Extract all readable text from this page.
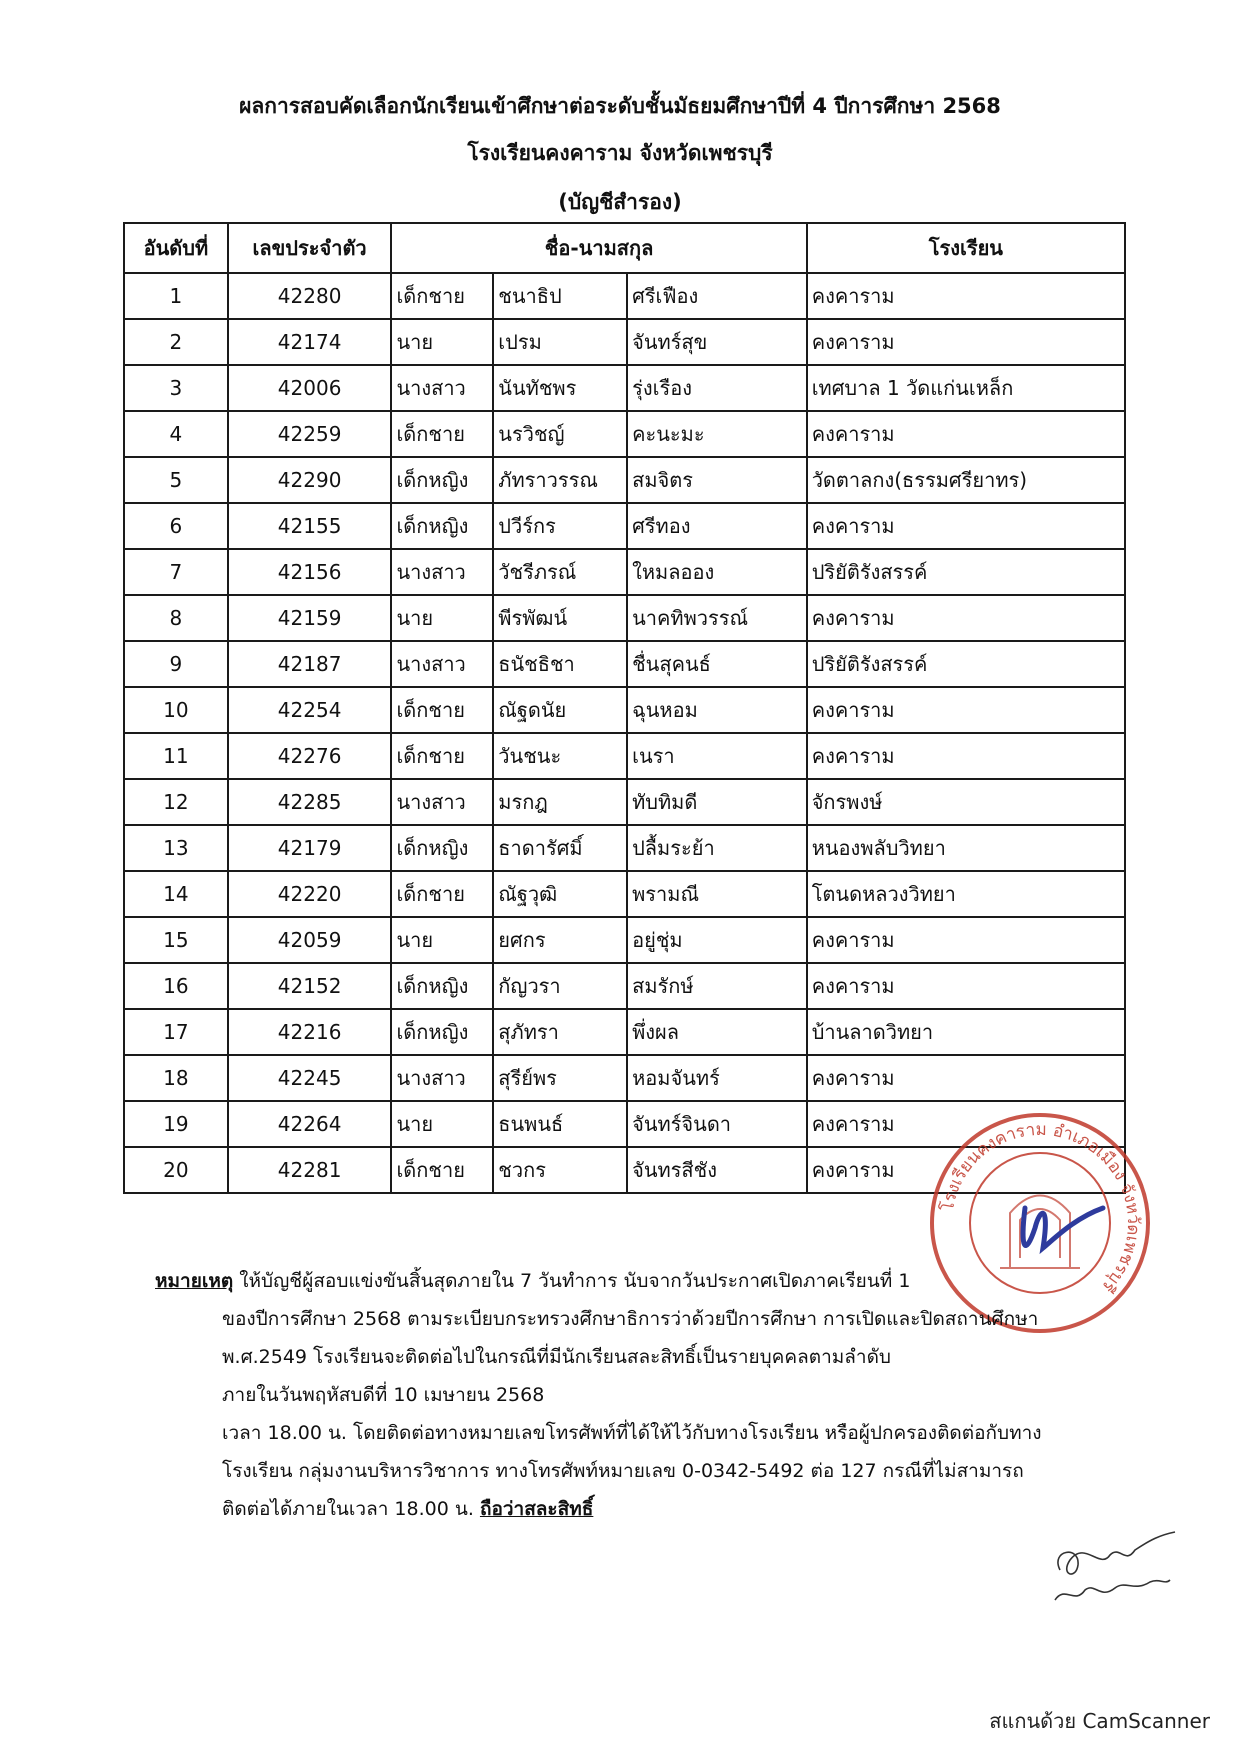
ผลการสอบคัดเลือกนักเรียนเข้าศึกษาต่อระดับชั้นมัธยมศึกษาปีที่ 4 ปีการศึกษา 2568
โรงเรียนคงคาราม จังหวัดเพชรบุรี
(บัญชีสำรอง)
อันดับที่	เลขประจำตัว	ชื่อ-นามสกุล			โรงเรียน
1	42280	เด็กชาย	ชนาธิป	ศรีเฟือง	คงคาราม
2	42174	นาย	เปรม	จันทร์สุข	คงคาราม
3	42006	นางสาว	นันทัชพร	รุ่งเรือง	เทศบาล 1 วัดแก่นเหล็ก
4	42259	เด็กชาย	นรวิชญ์	คะนะมะ	คงคาราม
5	42290	เด็กหญิง	ภัทราวรรณ	สมจิตร	วัดตาลกง(ธรรมศรียาทร)
6	42155	เด็กหญิง	ปวีร์กร	ศรีทอง	คงคาราม
7	42156	นางสาว	วัชรีภรณ์	ใหมลออง	ปริยัติรังสรรค์
8	42159	นาย	พีรพัฒน์	นาคทิพวรรณ์	คงคาราม
9	42187	นางสาว	ธนัชธิชา	ชื่นสุคนธ์	ปริยัติรังสรรค์
10	42254	เด็กชาย	ณัฐดนัย	ฉุนหอม	คงคาราม
11	42276	เด็กชาย	วันชนะ	เนรา	คงคาราม
12	42285	นางสาว	มรกฎ	ทับทิมดี	จักรพงษ์
13	42179	เด็กหญิง	ธาดารัศมิ์	ปลื้มระย้า	หนองพลับวิทยา
14	42220	เด็กชาย	ณัฐวุฒิ	พรามณี	โตนดหลวงวิทยา
15	42059	นาย	ยศกร	อยู่ชุ่ม	คงคาราม
16	42152	เด็กหญิง	กัญวรา	สมรักษ์	คงคาราม
17	42216	เด็กหญิง	สุภัทรา	พึ่งผล	บ้านลาดวิทยา
18	42245	นางสาว	สุรีย์พร	หอมจันทร์	คงคาราม
19	42264	นาย	ธนพนธ์	จันทร์จินดา	คงคาราม
20	42281	เด็กชาย	ชวกร	จันทรสีชัง	คงคาราม
โรงเรียนคงคาราม อำเภอเมือง จังหวัดเพชรบุรี

หมายเหตุ ให้บัญชีผู้สอบแข่งขันสิ้นสุดภายใน 7 วันทำการ นับจากวันประกาศเปิดภาคเรียนที่ 1

ของปีการศึกษา 2568 ตามระเบียบกระทรวงศึกษาธิการว่าด้วยปีการศึกษา การเปิดและปิดสถานศึกษา

พ.ศ.2549 โรงเรียนจะติดต่อไปในกรณีที่มีนักเรียนสละสิทธิ์เป็นรายบุคคลตามลำดับ

ภายในวันพฤหัสบดีที่ 10 เมษายน 2568

เวลา 18.00 น. โดยติดต่อทางหมายเลขโทรศัพท์ที่ได้ให้ไว้กับทางโรงเรียน หรือผู้ปกครองติดต่อกับทาง

โรงเรียน กลุ่มงานบริหารวิชาการ ทางโทรศัพท์หมายเลข 0-0342-5492 ต่อ 127 กรณีที่ไม่สามารถ

ติดต่อได้ภายในเวลา 18.00 น. ถือว่าสละสิทธิ์

สแกนด้วย CamScanner
